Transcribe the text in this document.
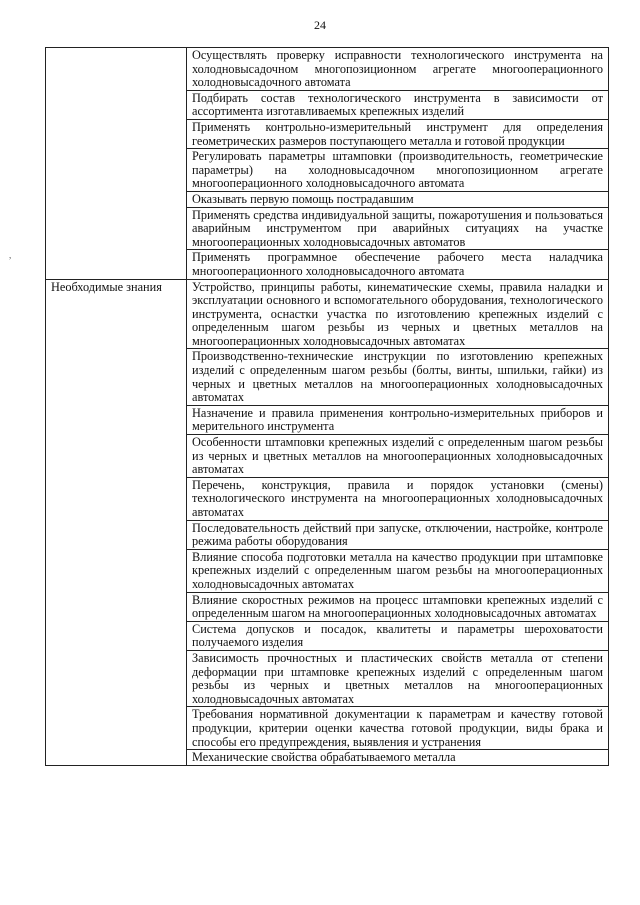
24
,
	Осуществлять проверку исправности технологического инструмента на холодновысадочном многопозиционном агрегате многооперационного холодновысадочного автомата
	Подбирать состав технологического инструмента в зависимости от ассортимента изготавливаемых крепежных изделий
	Применять контрольно-измерительный инструмент для определения геометрических размеров поступающего металла и готовой продукции
	Регулировать параметры штамповки (производительность, геометрические параметры) на холодновысадочном многопозиционном агрегате многооперационного холодновысадочного автомата
	Оказывать первую помощь пострадавшим
	Применять средства индивидуальной защиты, пожаротушения и пользоваться аварийным инструментом при аварийных ситуациях на участке многооперационных холодновысадочных автоматов
	Применять программное обеспечение рабочего места наладчика многооперационного холодновысадочного автомата
Необходимые знания	Устройство, принципы работы, кинематические схемы, правила наладки и эксплуатации основного и вспомогательного оборудования, технологического инструмента, оснастки участка по изготовлению крепежных изделий с определенным шагом резьбы из черных и цветных металлов на многооперационных холодновысадочных автоматах
	Производственно-технические инструкции по изготовлению крепежных изделий с определенным шагом резьбы (болты, винты, шпильки, гайки) из черных и цветных металлов на многооперационных холодновысадочных автоматах
	Назначение и правила применения контрольно-измерительных приборов и мерительного инструмента
	Особенности штамповки крепежных изделий с определенным шагом резьбы из черных и цветных металлов на многооперационных холодновысадочных автоматах
	Перечень, конструкция, правила и порядок установки (смены) технологического инструмента на многооперационных холодновысадочных автоматах
	Последовательность действий при запуске, отключении, настройке, контроле режима работы оборудования
	Влияние способа подготовки металла на качество продукции при штамповке крепежных изделий с определенным шагом резьбы на многооперационных холодновысадочных автоматах
	Влияние скоростных режимов на процесс штамповки крепежных изделий с определенным шагом на многооперационных холодновысадочных автоматах
	Система допусков и посадок, квалитеты и параметры шероховатости получаемого изделия
	Зависимость прочностных и пластических свойств металла от степени деформации при штамповке крепежных изделий с определенным шагом резьбы из черных и цветных металлов на многооперационных холодновысадочных автоматах
	Требования нормативной документации к параметрам и качеству готовой продукции, критерии оценки качества готовой продукции, виды брака и способы его предупреждения, выявления и устранения
	Механические свойства обрабатываемого металла
